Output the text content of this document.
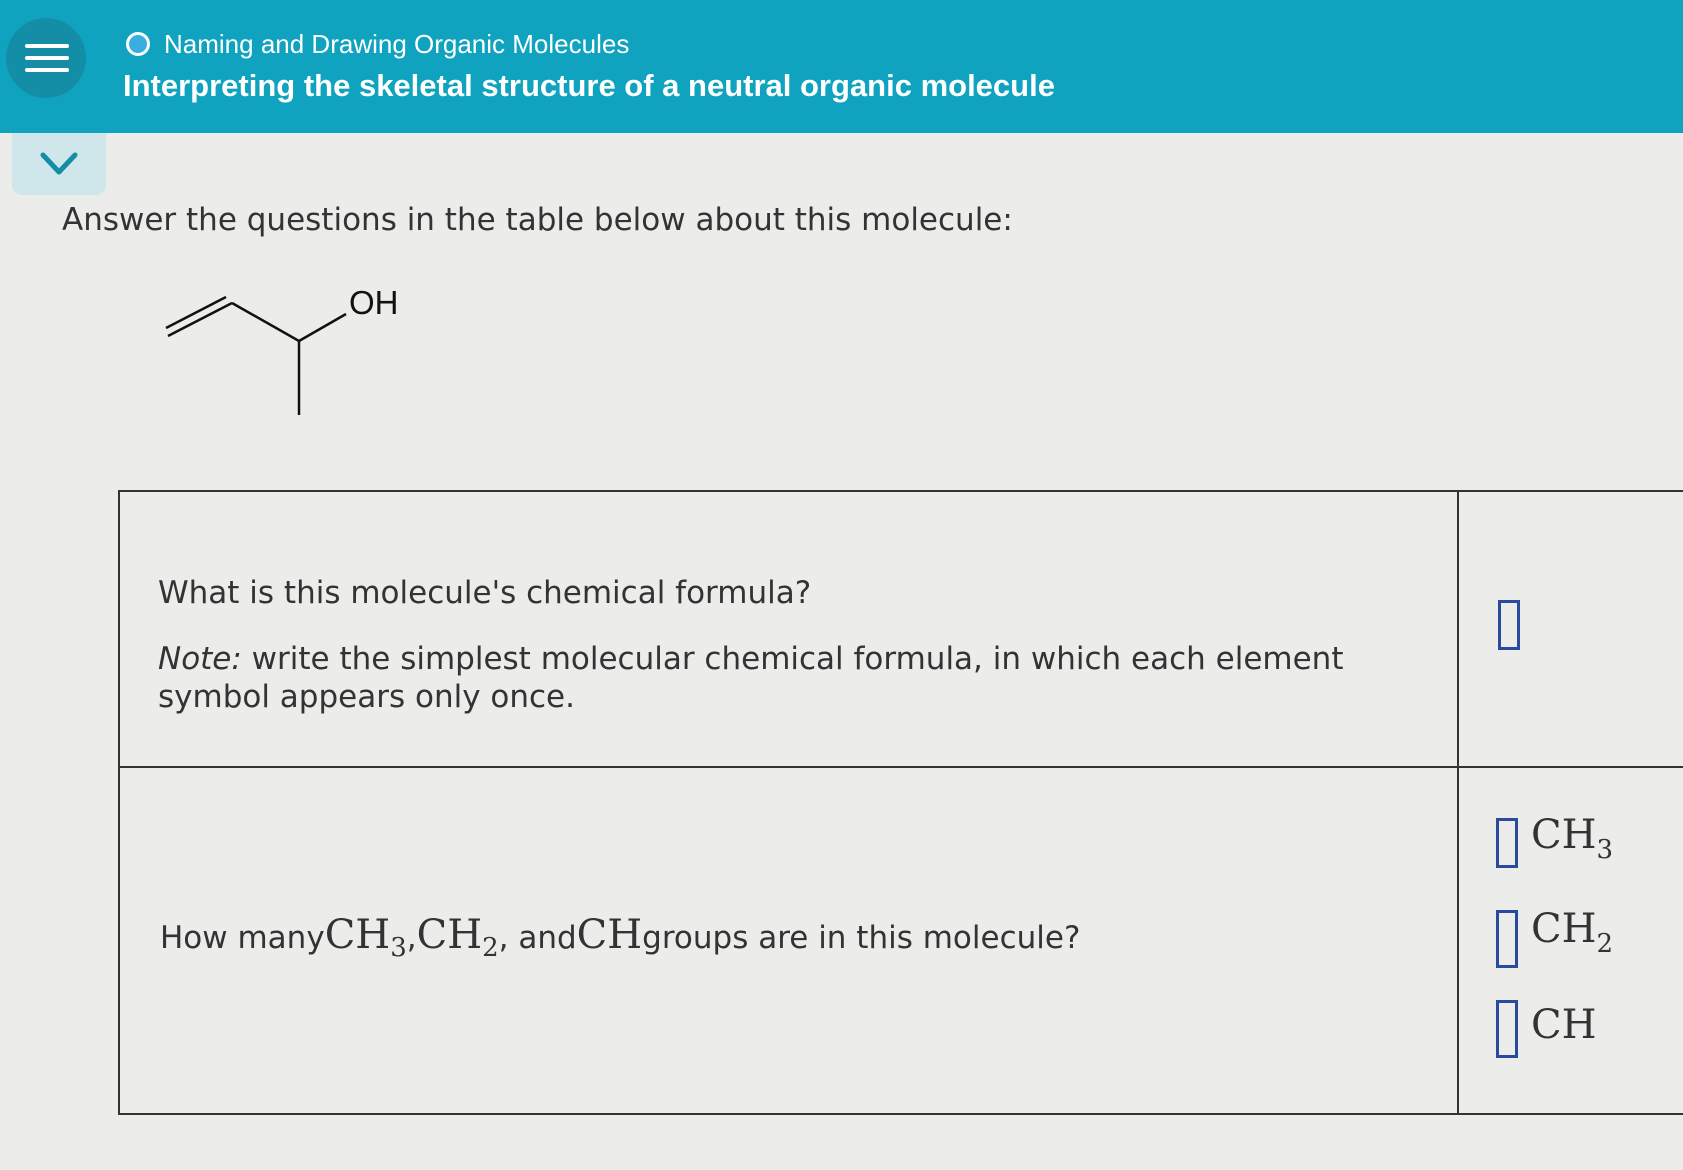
Naming and Drawing Organic Molecules
Interpreting the skeletal structure of a neutral organic molecule
Answer the questions in the table below about this molecule:
OH
What is this molecule's chemical formula?
Note: write the simplest molecular chemical formula, in which each element symbol appears only once.
How many $CH_3$ , $CH_2$ , and CH groups are in this molecule?
$CH_3$
$CH_2$
CH
